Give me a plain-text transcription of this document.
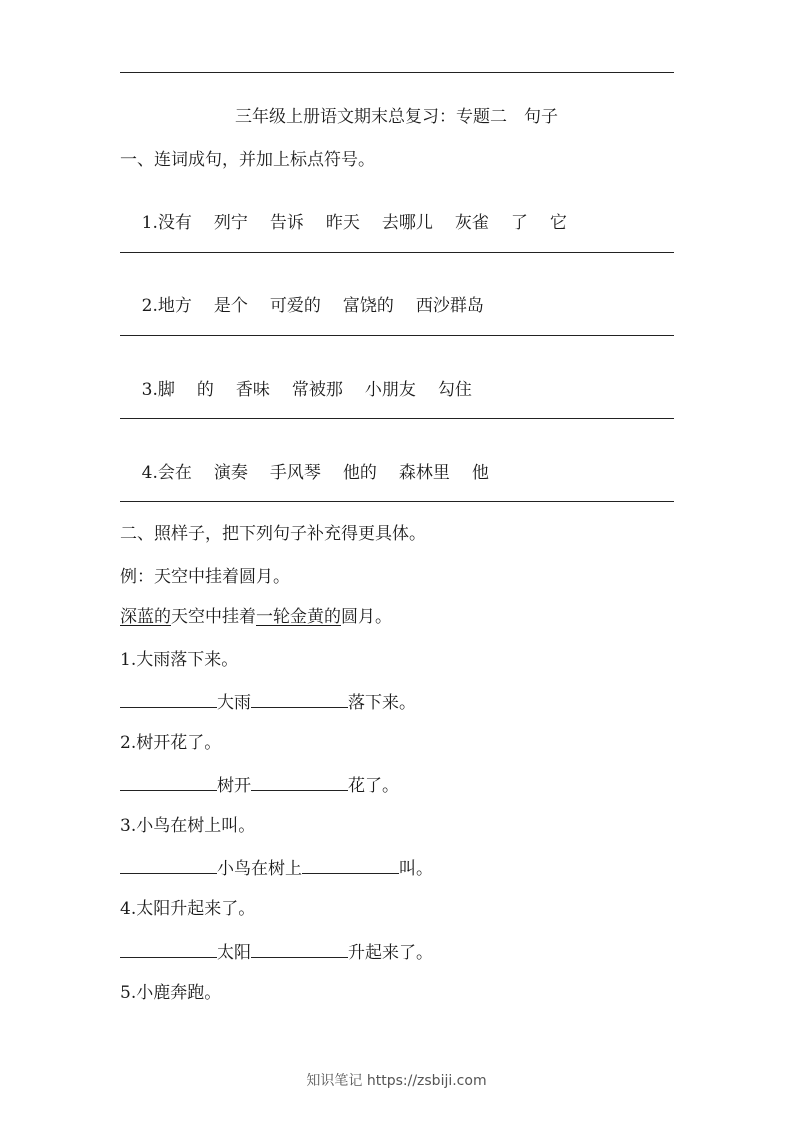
三年级上册语文期末总复习：专题二　句子
一、连词成句，并加上标点符号。

1.没有 列宁 告诉 昨天 去哪儿 灰雀 了 它

2.地方 是个 可爱的 富饶的 西沙群岛

3.脚 的 香味 常被那 小朋友 勾住

4.会在 演奏 手风琴 他的 森林里 他

二、照样子，把下列句子补充得更具体。
例：天空中挂着圆月。
深蓝的天空中挂着一轮金黄的圆月。
1.大雨落下来。
大雨	落下来。
2.树开花了。
树开	花了。
3.小鸟在树上叫。
小鸟在树上	叫。
4.太阳升起来了。
太阳	升起来了。
5.小鹿奔跑。
知识笔记 https://zsbiji.com
